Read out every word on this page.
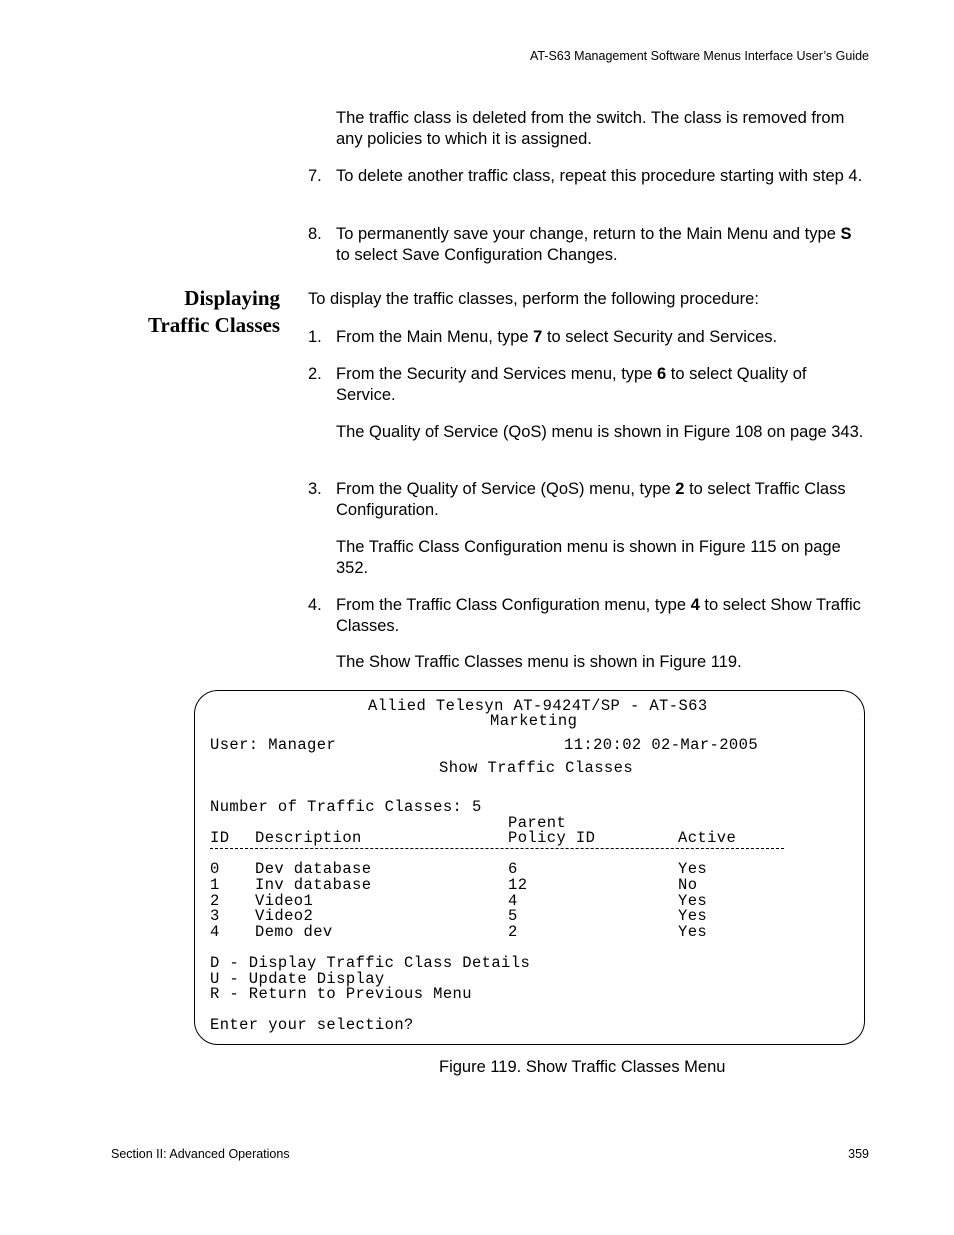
AT-S63 Management Software Menus Interface User’s Guide
The traffic class is deleted from the switch. The class is removed from any policies to which it is assigned.
7. To delete another traffic class, repeat this procedure starting with step 4.
8. To permanently save your change, return to the Main Menu and type S to select Save Configuration Changes.
Displaying
Traffic Classes
To display the traffic classes, perform the following procedure:
1. From the Main Menu, type 7 to select Security and Services.
2. From the Security and Services menu, type 6 to select Quality of Service.
The Quality of Service (QoS) menu is shown in Figure 108 on page 343.
3. From the Quality of Service (QoS) menu, type 2 to select Traffic Class Configuration.
The Traffic Class Configuration menu is shown in Figure 115 on page 352.
4. From the Traffic Class Configuration menu, type 4 to select Show Traffic Classes.
The Show Traffic Classes menu is shown in Figure 119.
Allied Telesyn AT-9424T/SP - AT-S63
Marketing
User: Manager	11:20:02 02-Mar-2005
Show Traffic Classes
Number of Traffic Classes: 5
Parent
ID Description	Policy ID	Active
0 Dev database	6	Yes
1 Inv database	12	No
2 Video1	4	Yes
3 Video2	5	Yes
4 Demo dev	2	Yes
D - Display Traffic Class Details
U - Update Display
R - Return to Previous Menu
Enter your selection?
Figure 119. Show Traffic Classes Menu
Section II: Advanced Operations	359
